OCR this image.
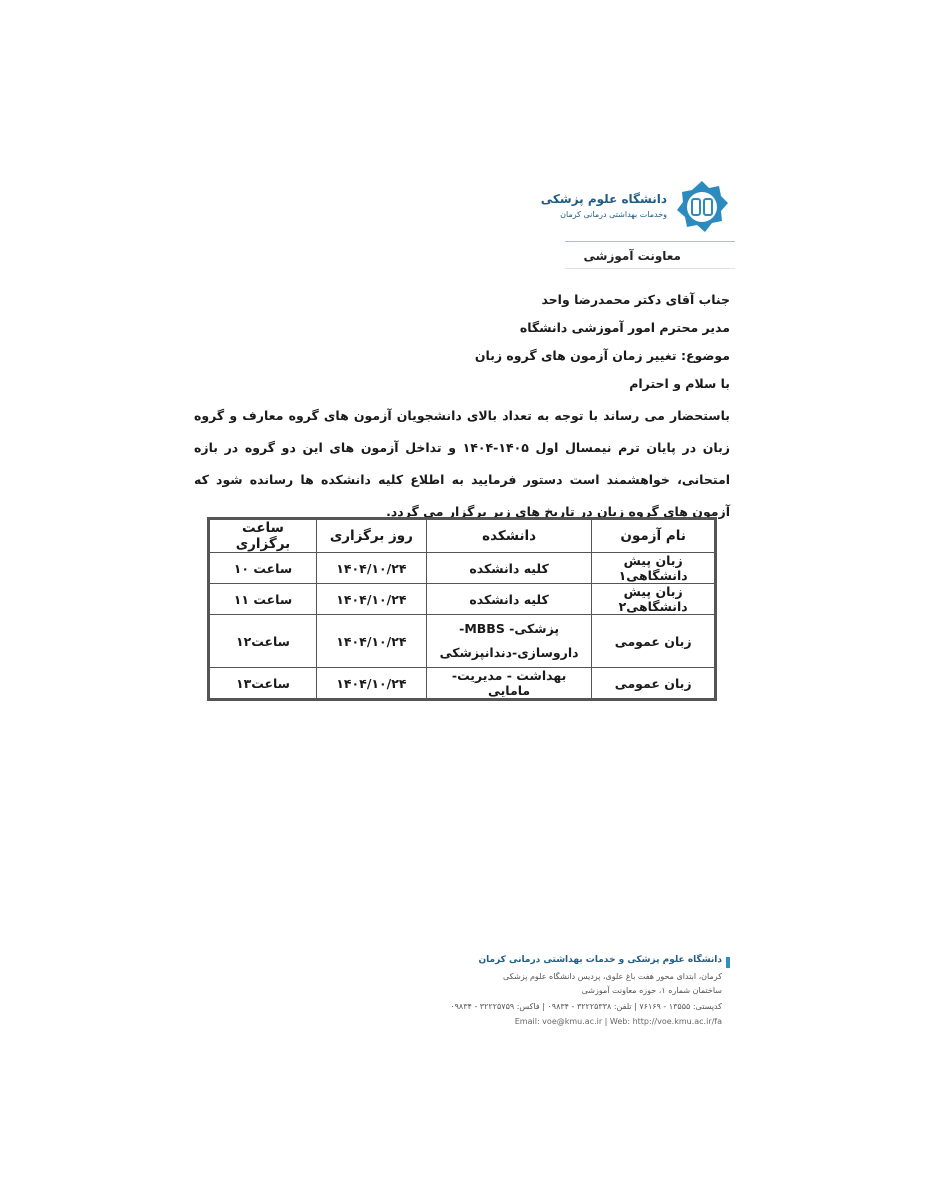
دانشگاه علوم پزشکی
وخدمات بهداشتی درمانی کرمان
معاونت آموزشی
جناب آقای دکتر محمدرضا واحد
مدیر محترم امور آموزشی دانشگاه
موضوع: تغییر زمان آزمون های گروه زبان
با سلام و احترام
باستحضار می رساند با توجه به تعداد بالای دانشجویان آزمون های گروه معارف و گروه زبان در پایان ترم نیمسال اول ۱۴۰۵-۱۴۰۴ و تداخل آزمون های این دو گروه در بازه امتحانی، خواهشمند است دستور فرمایید به اطلاع کلیه دانشکده ها رسانده شود که آزمون های گروه زبان در تاریخ های زیر برگزار می گردد.
نام آزمون	دانشکده	روز برگزاری	ساعت برگزاری
زبان پیش دانشگاهی۱	کلیه دانشکده	۱۴۰۴/۱۰/۲۴	ساعت ۱۰
زبان پیش دانشگاهی۲	کلیه دانشکده	۱۴۰۴/۱۰/۲۴	ساعت ۱۱
زبان عمومی	پزشکی- MBBS- داروسازی-دندانپزشکی	۱۴۰۴/۱۰/۲۴	ساعت۱۲
زبان عمومی	بهداشت - مدیریت-مامایی	۱۴۰۴/۱۰/۲۴	ساعت۱۳
دانشگاه علوم پزشکی و خدمات بهداشتی درمانی کرمان
کرمان، ابتدای محور هفت باغ علوی، پردیس دانشگاه علوم پزشکی
ساختمان شماره ۱، حوزه معاونت آموزشی
کدپستی: ۱۳۵۵۵ - ۷۶۱۶۹ | تلفن: ۳۲۲۲۵۳۳۸ - ۰۹۸۳۴ | فاکس: ۳۲۲۲۵۷۵۹ - ۰۹۸۳۴
Email: voe@kmu.ac.ir | Web: http://voe.kmu.ac.ir/fa
